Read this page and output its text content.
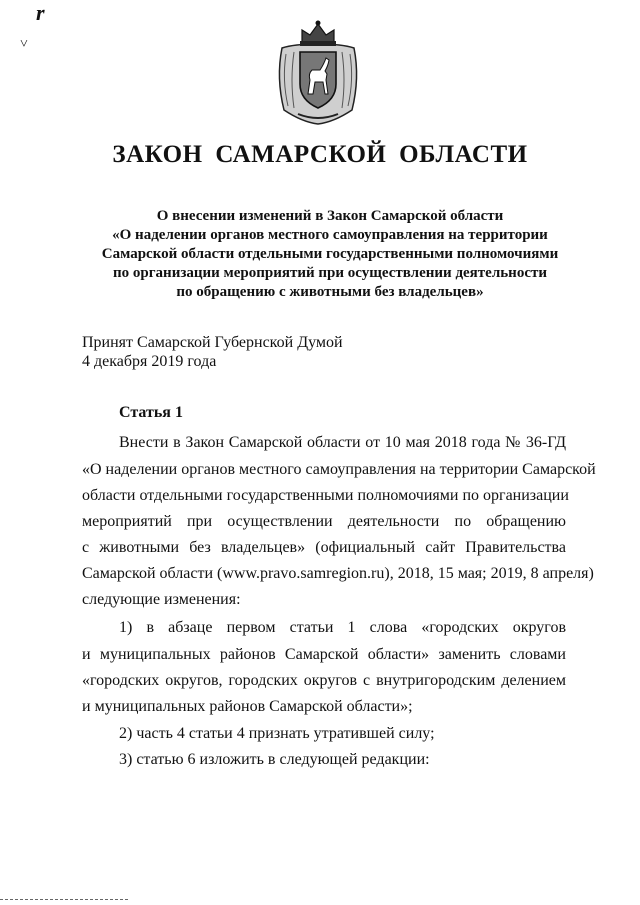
r
˅
ЗАКОН САМАРСКОЙ ОБЛАСТИ
О внесении изменений в Закон Самарской области
«О наделении органов местного самоуправления на территории
Самарской области отдельными государственными полномочиями
по организации мероприятий при осуществлении деятельности
по обращению с животными без владельцев»
Принят Самарской Губернской Думой
4 декабря 2019 года
Статья 1
Внести в Закон Самарской области от 10 мая 2018 года № 36-ГД
«О наделении органов местного самоуправления на территории Самарской
области отдельными государственными полномочиями по организации
мероприятий при осуществлении деятельности по обращению
с животными без владельцев» (официальный сайт Правительства
Самарской области (www.pravo.samregion.ru), 2018, 15 мая; 2019, 8 апреля)
следующие изменения:
1) в абзаце первом статьи 1 слова «городских округов
и муниципальных районов Самарской области» заменить словами
«городских округов, городских округов с внутригородским делением
и муниципальных районов Самарской области»;
2) часть 4 статьи 4 признать утратившей силу;
3) статью 6 изложить в следующей редакции:
